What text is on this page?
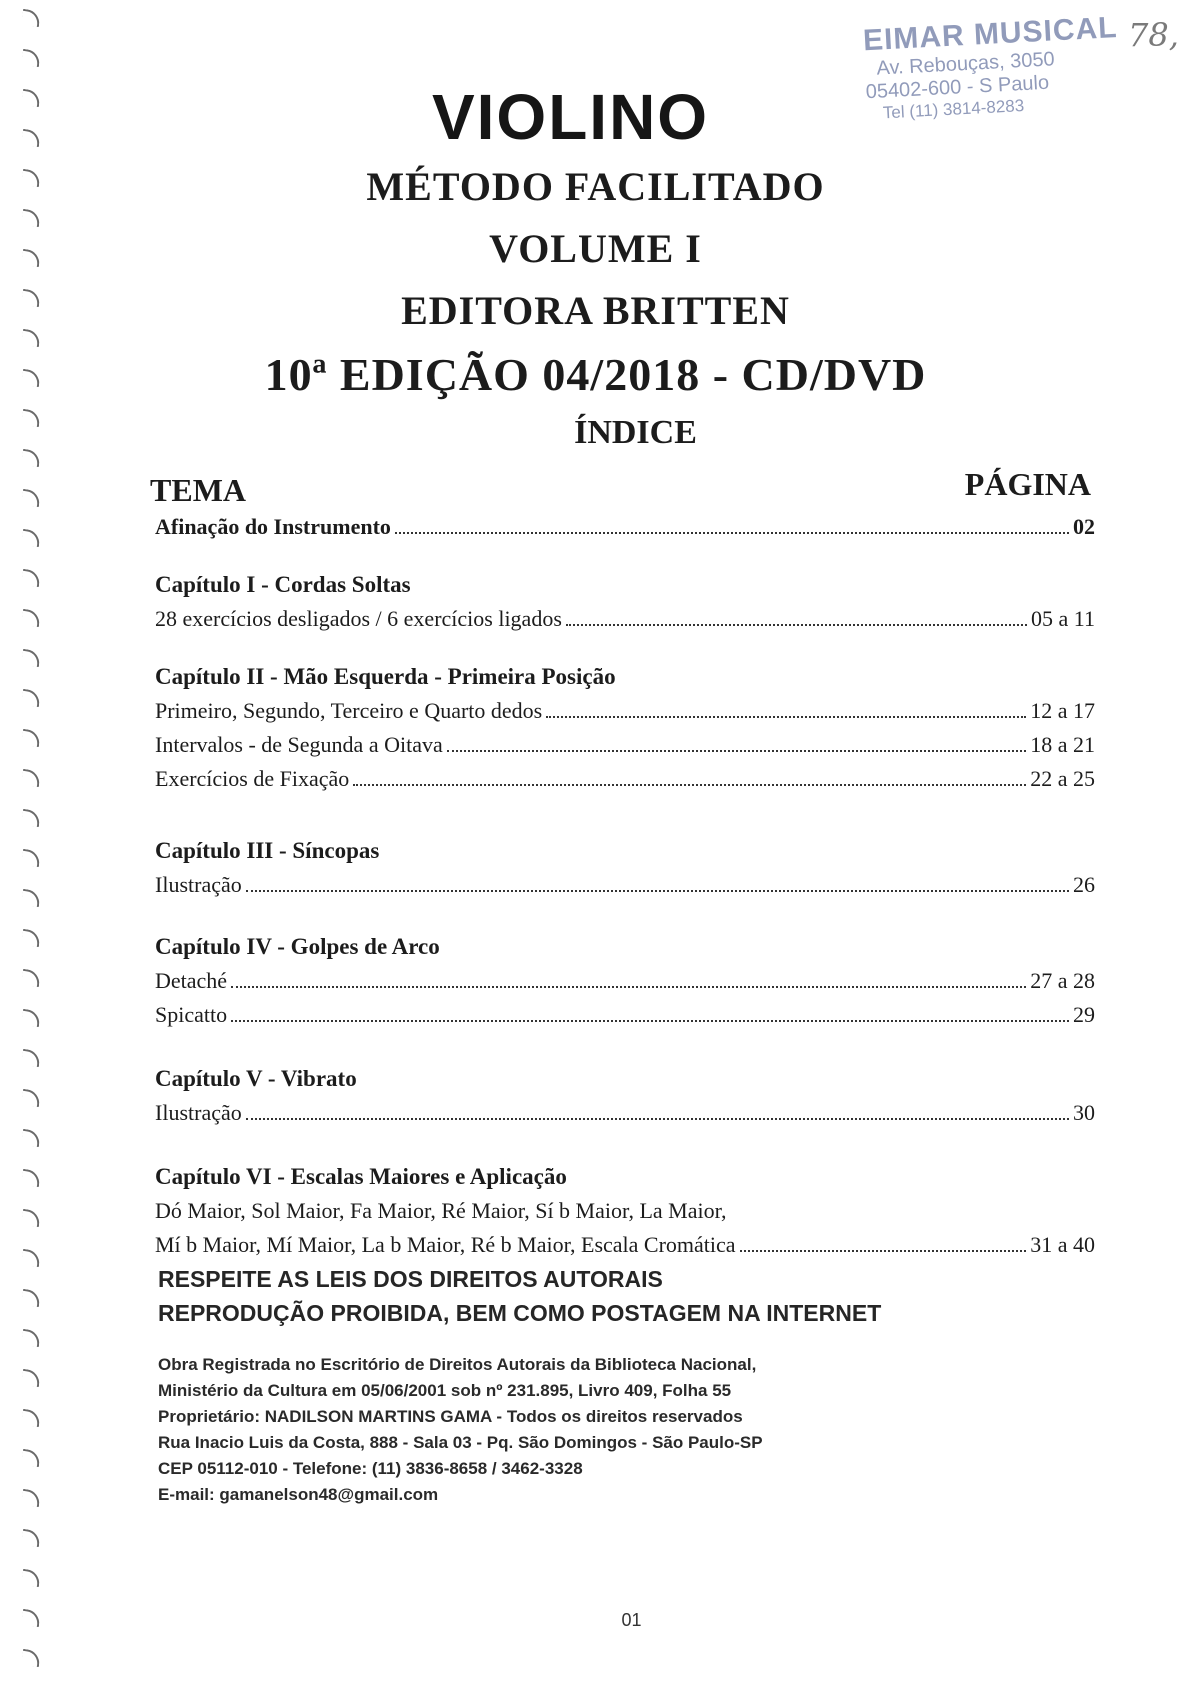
EIMAR MUSICAL
Av. Rebouças, 3050
05402-600 - S Paulo
Tel (11) 3814-8283
78,
VIOLINO
MÉTODO FACILITADO
VOLUME I
EDITORA BRITTEN
10ª EDIÇÃO 04/2018 - CD/DVD
ÍNDICE
TEMA	PÁGINA
Afinação do Instrumento	02
Capítulo I - Cordas Soltas
28 exercícios desligados / 6 exercícios ligados	05 a 11
Capítulo II - Mão Esquerda - Primeira Posição
Primeiro, Segundo, Terceiro e Quarto dedos	12 a 17
Intervalos - de Segunda a Oitava	18 a 21
Exercícios de Fixação	22 a 25
Capítulo III - Síncopas
Ilustração	26
Capítulo IV - Golpes de Arco
Detaché	27 a 28
Spicatto	29
Capítulo V - Vibrato
Ilustração	30
Capítulo VI - Escalas Maiores e Aplicação
Dó Maior, Sol Maior, Fa Maior, Ré Maior, Sí b Maior, La Maior,
Mí b Maior, Mí Maior, La b Maior, Ré b Maior, Escala Cromática	31 a 40
RESPEITE AS LEIS DOS DIREITOS AUTORAIS
REPRODUÇÃO PROIBIDA, BEM COMO POSTAGEM NA INTERNET
Obra Registrada no Escritório de Direitos Autorais da Biblioteca Nacional,
Ministério da Cultura em 05/06/2001 sob nº 231.895, Livro 409, Folha 55
Proprietário: NADILSON MARTINS GAMA - Todos os direitos reservados
Rua Inacio Luis da Costa, 888 - Sala 03 - Pq. São Domingos - São Paulo-SP
CEP 05112-010 - Telefone: (11) 3836-8658 / 3462-3328
E-mail: gamanelson48@gmail.com
01
